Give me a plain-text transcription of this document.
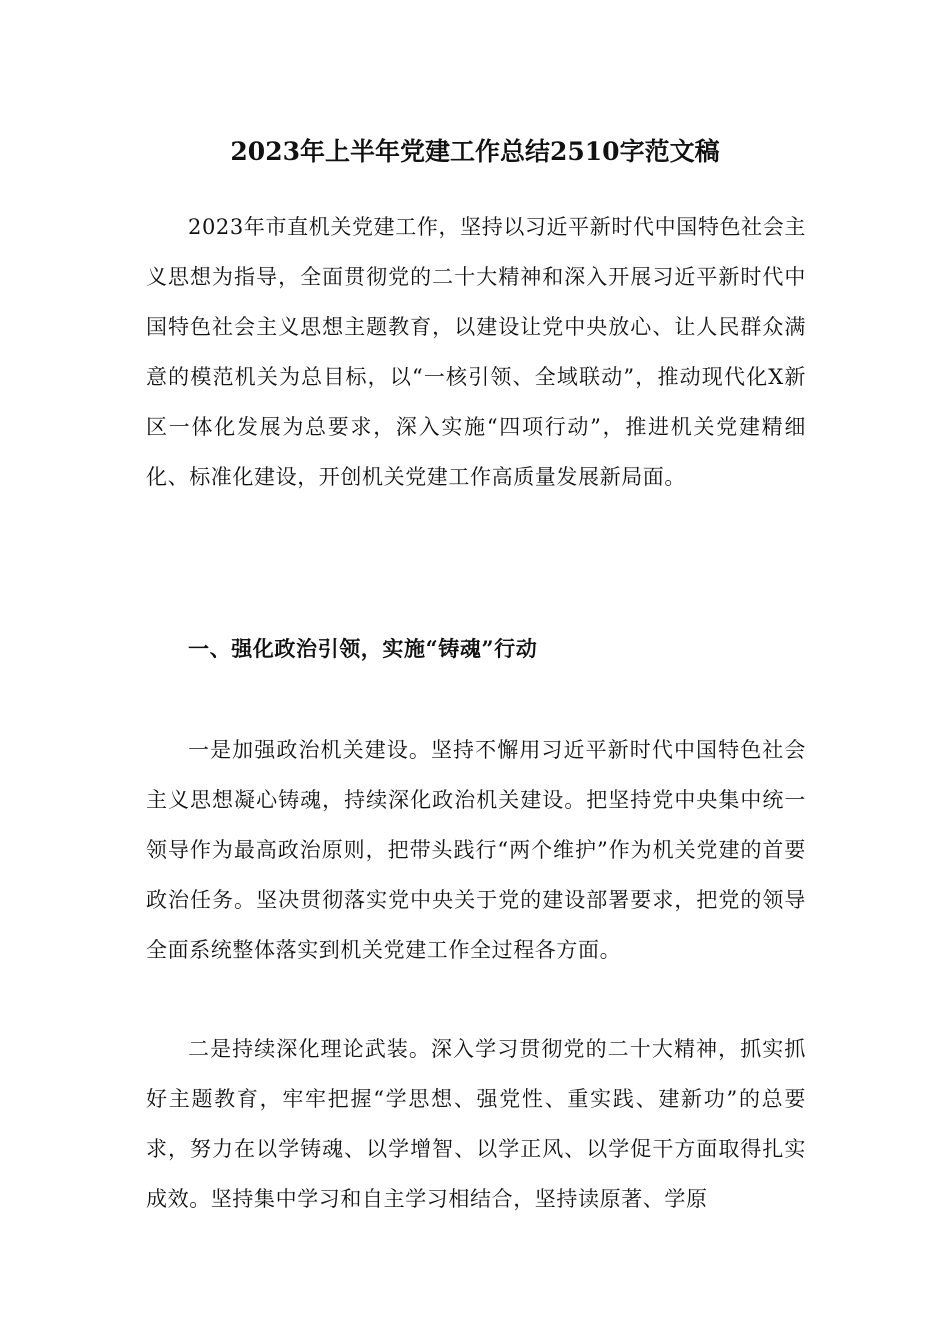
2023年上半年党建工作总结2510字范文稿
2023年市直机关党建工作，坚持以习近平新时代中国特色社会主义思想为指导，全面贯彻党的二十大精神和深入开展习近平新时代中国特色社会主义思想主题教育，以建设让党中央放心、让人民群众满意的模范机关为总目标，以“一核引领、全域联动”，推动现代化X新区一体化发展为总要求，深入实施“四项行动”，推进机关党建精细化、标准化建设，开创机关党建工作高质量发展新局面。
一、强化政治引领，实施“铸魂”行动
一是加强政治机关建设。坚持不懈用习近平新时代中国特色社会主义思想凝心铸魂，持续深化政治机关建设。把坚持党中央集中统一领导作为最高政治原则，把带头践行“两个维护”作为机关党建的首要政治任务。坚决贯彻落实党中央关于党的建设部署要求，把党的领导全面系统整体落实到机关党建工作全过程各方面。
二是持续深化理论武装。深入学习贯彻党的二十大精神，抓实抓好主题教育，牢牢把握“学思想、强党性、重实践、建新功”的总要求，努力在以学铸魂、以学增智、以学正风、以学促干方面取得扎实成效。坚持集中学习和自主学习相结合，坚持读原著、学原
